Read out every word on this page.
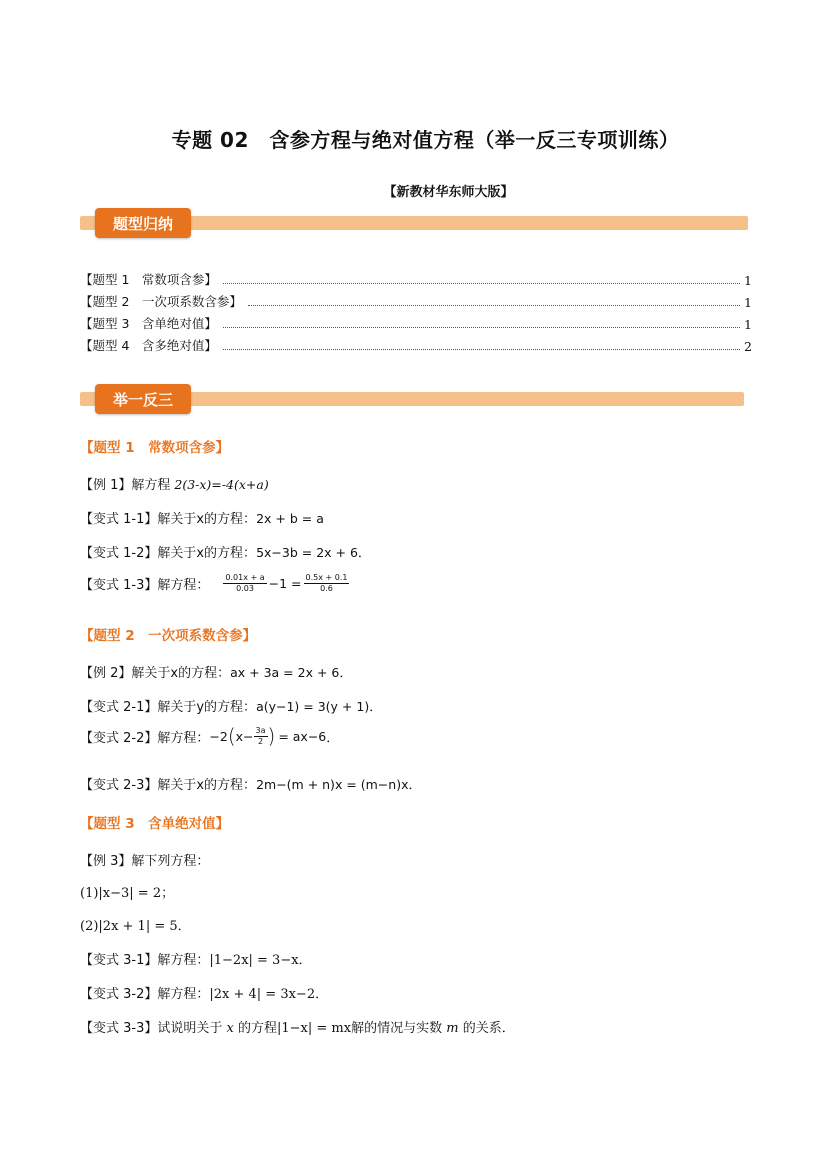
专题 02　含参方程与绝对值方程（举一反三专项训练）
【新教材华东师大版】
题型归纳
【题型 1　常数项含参】	1
【题型 2　一次项系数含参】	1
【题型 3　含单绝对值】	1
【题型 4　含多绝对值】	2
举一反三
【题型 1　常数项含参】
【例 1】解方程 2(3-x)=-4(x+a)
【变式 1-1】解关于x的方程：2x + b = a
【变式 1-2】解关于x的方程：5x−3b = 2x + 6．
【变式 1-3】解方程： $\frac{0.01x + a}{0.03} -1 = \frac{0.5x + 0.1}{0.6}$
【题型 2　一次项系数含参】
【例 2】解关于x的方程：ax + 3a = 2x + 6．
【变式 2-1】解关于y的方程：a(y−1) = 3(y + 1)．
【变式 2-2】解方程： −2 ( $x- \frac{3a}{2}$ ) = ax−6 ．
【变式 2-3】解关于x的方程：2m−(m + n)x = (m−n)x．
【题型 3　含单绝对值】
【例 3】解下列方程：
(1)|x−3| = 2；
(2)|2x + 1| = 5．
【变式 3-1】解方程：|1−2x| = 3−x．
【变式 3-2】解方程：|2x + 4| = 3x−2．
【变式 3-3】试说明关于 x 的方程|1−x| = mx解的情况与实数 m 的关系．
